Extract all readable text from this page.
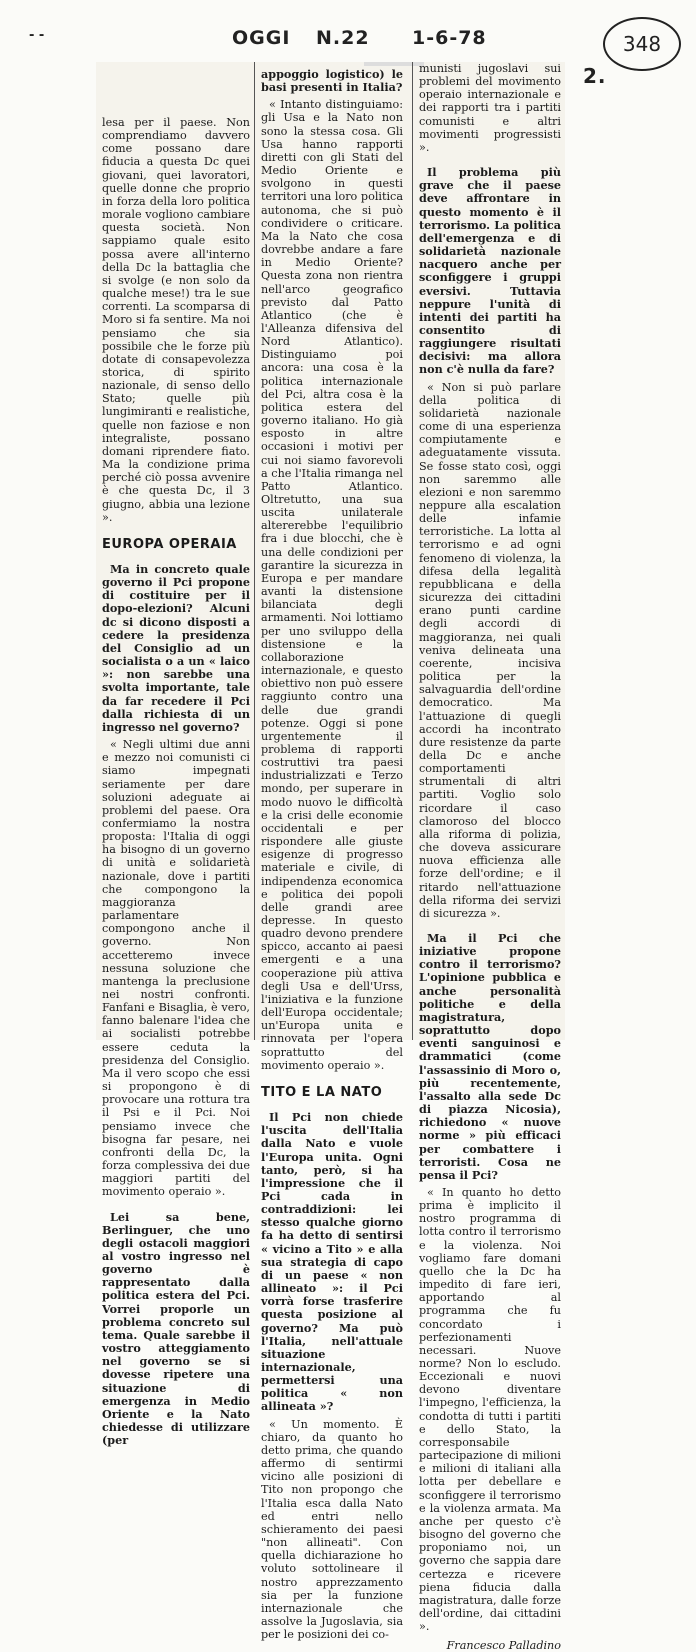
- -	OGGI N.22 1-6-78	348
2.

lesa per il paese. Non comprendiamo davvero come possano dare fiducia a questa Dc quei giovani, quei lavoratori, quelle donne che proprio in forza della loro politica morale vogliono cambiare questa società. Non sappiamo quale esito possa avere all'interno della Dc la battaglia che si svolge (e non solo da qualche mese!) tra le sue correnti. La scomparsa di Moro si fa sentire. Ma noi pensiamo che sia possibile che le forze più dotate di consapevolezza storica, di spirito nazionale, di senso dello Stato; quelle più lungimiranti e realistiche, quelle non faziose e non integraliste, possano domani riprendere fiato. Ma la condizione prima perché ciò possa avvenire è che questa Dc, il 3 giugno, abbia una lezione ».

EUROPA OPERAIA

Ma in concreto quale governo il Pci propone di costituire per il dopo-elezioni? Alcuni dc si dicono disposti a cedere la presidenza del Consiglio ad un socialista o a un « laico »: non sarebbe una svolta importante, tale da far recedere il Pci dalla richiesta di un ingresso nel governo?

« Negli ultimi due anni e mezzo noi comunisti ci siamo impegnati seriamente per dare soluzioni adeguate ai problemi del paese. Ora confermiamo la nostra proposta: l'Italia di oggi ha bisogno di un governo di unità e solidarietà nazionale, dove i partiti che compongono la maggioranza parlamentare compongono anche il governo. Non accetteremo invece nessuna soluzione che mantenga la preclusione nei nostri confronti. Fanfani e Bisaglia, è vero, fanno balenare l'idea che ai socialisti potrebbe essere ceduta la presidenza del Consiglio. Ma il vero scopo che essi si propongono è di provocare una rottura tra il Psi e il Pci. Noi pensiamo invece che bisogna far pesare, nei confronti della Dc, la forza complessiva dei due maggiori partiti del movimento operaio ».

Lei sa bene, Berlinguer, che uno degli ostacoli maggiori al vostro ingresso nel governo è rappresentato dalla politica estera del Pci. Vorrei proporle un problema concreto sul tema. Quale sarebbe il vostro atteggiamento nel governo se si dovesse ripetere una situazione di emergenza in Medio Oriente e la Nato chiedesse di utilizzare (per

appoggio logistico) le basi presenti in Italia?

« Intanto distinguiamo: gli Usa e la Nato non sono la stessa cosa. Gli Usa hanno rapporti diretti con gli Stati del Medio Oriente e svolgono in questi territori una loro politica autonoma, che si può condividere o criticare. Ma la Nato che cosa dovrebbe andare a fare in Medio Oriente? Questa zona non rientra nell'arco geografico previsto dal Patto Atlantico (che è l'Alleanza difensiva del Nord Atlantico). Distinguiamo poi ancora: una cosa è la politica internazionale del Pci, altra cosa è la politica estera del governo italiano. Ho già esposto in altre occasioni i motivi per cui noi siamo favorevoli a che l'Italia rimanga nel Patto Atlantico. Oltretutto, una sua uscita unilaterale altererebbe l'equilibrio fra i due blocchi, che è una delle condizioni per garantire la sicurezza in Europa e per mandare avanti la distensione bilanciata degli armamenti. Noi lottiamo per uno sviluppo della distensione e la collaborazione internazionale, e questo obiettivo non può essere raggiunto contro una delle due grandi potenze. Oggi si pone urgentemente il problema di rapporti costruttivi tra paesi industrializzati e Terzo mondo, per superare in modo nuovo le difficoltà e la crisi delle economie occidentali e per rispondere alle giuste esigenze di progresso materiale e civile, di indipendenza economica e politica dei popoli delle grandi aree depresse. In questo quadro devono prendere spicco, accanto ai paesi emergenti e a una cooperazione più attiva degli Usa e dell'Urss, l'iniziativa e la funzione dell'Europa occidentale; un'Europa unita e rinnovata per l'opera soprattutto del movimento operaio ».

TITO E LA NATO

Il Pci non chiede l'uscita dell'Italia dalla Nato e vuole l'Europa unita. Ogni tanto, però, si ha l'impressione che il Pci cada in contraddizioni: lei stesso qualche giorno fa ha detto di sentirsi « vicino a Tito » e alla sua strategia di capo di un paese « non allineato »: il Pci vorrà forse trasferire questa posizione al governo? Ma può l'Italia, nell'attuale situazione internazionale, permettersi una politica « non allineata »?

« Un momento. È chiaro, da quanto ho detto prima, che quando affermo di sentirmi vicino alle posizioni di Tito non propongo che l'Italia esca dalla Nato ed entri nello schieramento dei paesi "non allineati". Con quella dichiarazione ho voluto sottolineare il nostro apprezzamento sia per la funzione internazionale che assolve la Jugoslavia, sia per le posizioni dei co-

munisti jugoslavi sui problemi del movimento operaio internazionale e dei rapporti tra i partiti comunisti e altri movimenti progressisti ».

Il problema più grave che il paese deve affrontare in questo momento è il terrorismo. La politica dell'emergenza e di solidarietà nazionale nacquero anche per sconfiggere i gruppi eversivi. Tuttavia neppure l'unità di intenti dei partiti ha consentito di raggiungere risultati decisivi: ma allora non c'è nulla da fare?

« Non si può parlare della politica di solidarietà nazionale come di una esperienza compiutamente e adeguatamente vissuta. Se fosse stato così, oggi non saremmo alle elezioni e non saremmo neppure alla escalation delle infamie terroristiche. La lotta al terrorismo e ad ogni fenomeno di violenza, la difesa della legalità repubblicana e della sicurezza dei cittadini erano punti cardine degli accordi di maggioranza, nei quali veniva delineata una coerente, incisiva politica per la salvaguardia dell'ordine democratico. Ma l'attuazione di quegli accordi ha incontrato dure resistenze da parte della Dc e anche comportamenti strumentali di altri partiti. Voglio solo ricordare il caso clamoroso del blocco alla riforma di polizia, che doveva assicurare nuova efficienza alle forze dell'ordine; e il ritardo nell'attuazione della riforma dei servizi di sicurezza ».

Ma il Pci che iniziative propone contro il terrorismo? L'opinione pubblica e anche personalità politiche e della magistratura, soprattutto dopo eventi sanguinosi e drammatici (come l'assassinio di Moro o, più recentemente, l'assalto alla sede Dc di piazza Nicosia), richiedono « nuove norme » più efficaci per combattere i terroristi. Cosa ne pensa il Pci?

« In quanto ho detto prima è implicito il nostro programma di lotta contro il terrorismo e la violenza. Noi vogliamo fare domani quello che la Dc ha impedito di fare ieri, apportando al programma che fu concordato i perfezionamenti necessari. Nuove norme? Non lo escludo. Eccezionali e nuovi devono diventare l'impegno, l'efficienza, la condotta di tutti i partiti e dello Stato, la corresponsabile partecipazione di milioni e milioni di italiani alla lotta per debellare e sconfiggere il terrorismo e la violenza armata. Ma anche per questo c'è bisogno del governo che proponiamo noi, un governo che sappia dare certezza e ricevere piena fiducia dalla magistratura, dalle forze dell'ordine, dai cittadini ».

Francesco Palladino
